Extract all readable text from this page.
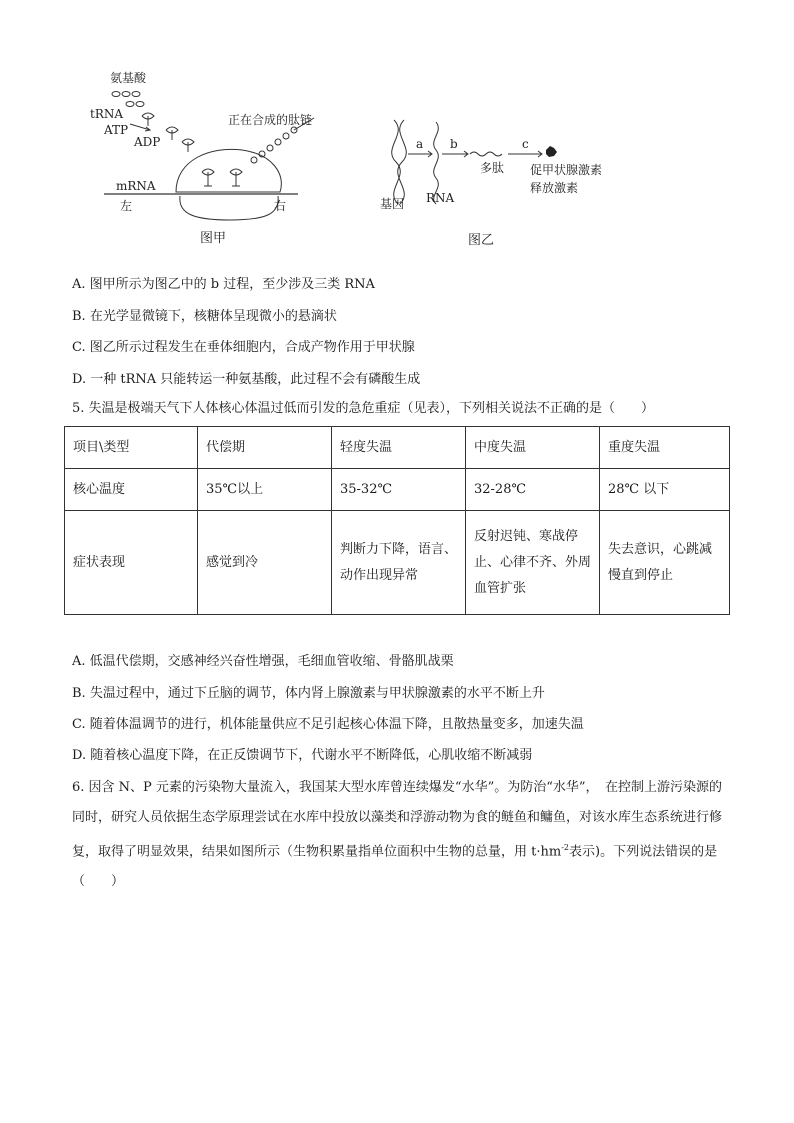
氨基酸
tRNA
ATP
ADP
正在合成的肽链
mRNA
左	右
图甲
a b	c
基因 RNA
多肽 促甲状腺激素
释放激素
图乙
A. 图甲所示为图乙中的 b 过程，至少涉及三类 RNA
B. 在光学显微镜下，核糖体呈现微小的悬滴状
C. 图乙所示过程发生在垂体细胞内，合成产物作用于甲状腺
D. 一种 tRNA 只能转运一种氨基酸，此过程不会有磷酸生成
5. 失温是极端天气下人体核心体温过低而引发的急危重症（见表），下列相关说法不正确的是（　　）
项目\类型	代偿期	轻度失温	中度失温	重度失温
核心温度	35℃以上	35-32℃	32-28℃	28℃ 以下
症状表现	感觉到冷	判断力下降，语言、动作出现异常	反射迟钝、寒战停止、心律不齐、外周血管扩张	失去意识，心跳减慢直到停止
A. 低温代偿期，交感神经兴奋性增强，毛细血管收缩、骨骼肌战栗
B. 失温过程中，通过下丘脑的调节，体内肾上腺激素与甲状腺激素的水平不断上升
C. 随着体温调节的进行，机体能量供应不足引起核心体温下降，且散热量变多，加速失温
D. 随着核心温度下降，在正反馈调节下，代谢水平不断降低，心肌收缩不断减弱
6. 因含 N、P 元素的污染物大量流入，我国某大型水库曾连续爆发“水华”。为防治“水华”，　在控制上游污染源的同时，研究人员依据生态学原理尝试在水库中投放以藻类和浮游动物为食的鲢鱼和鳙鱼，对该水库生态系统进行修复，取得了明显效果，结果如图所示（生物积累量指单位面积中生物的总量，用 $t\cdot hm^{-2}$表示)。下列说法错误的是（　　）
